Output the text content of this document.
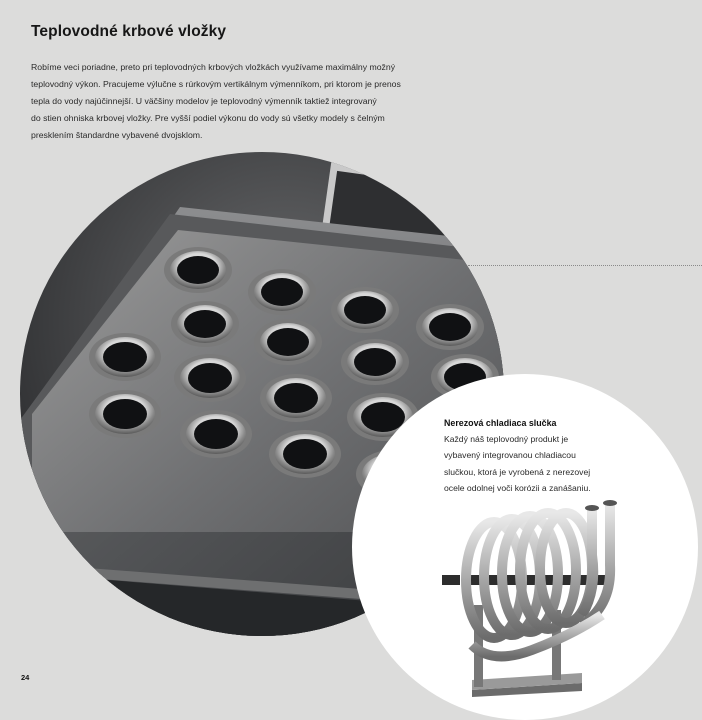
Teplovodné krbové vložky
Robíme veci poriadne, preto pri teplovodných krbových vložkách využívame maximálny možný
teplovodný výkon. Pracujeme výlučne s rúrkovým vertikálnym výmenníkom, pri ktorom je prenos
tepla do vody najúčinnejší. U väčšiny modelov je teplovodný výmenník taktiež integrovaný
do stien ohniska krbovej vložky. Pre vyšší podiel výkonu do vody sú všetky modely s čelným
presklením štandardne vybavené dvojsklom.
Nerezová chladiaca slučka
Každý náš teplovodný produkt je
vybavený integrovanou chladiacou
slučkou, ktorá je vyrobená z nerezovej
ocele odolnej voči korózii a zanášaniu.
24
